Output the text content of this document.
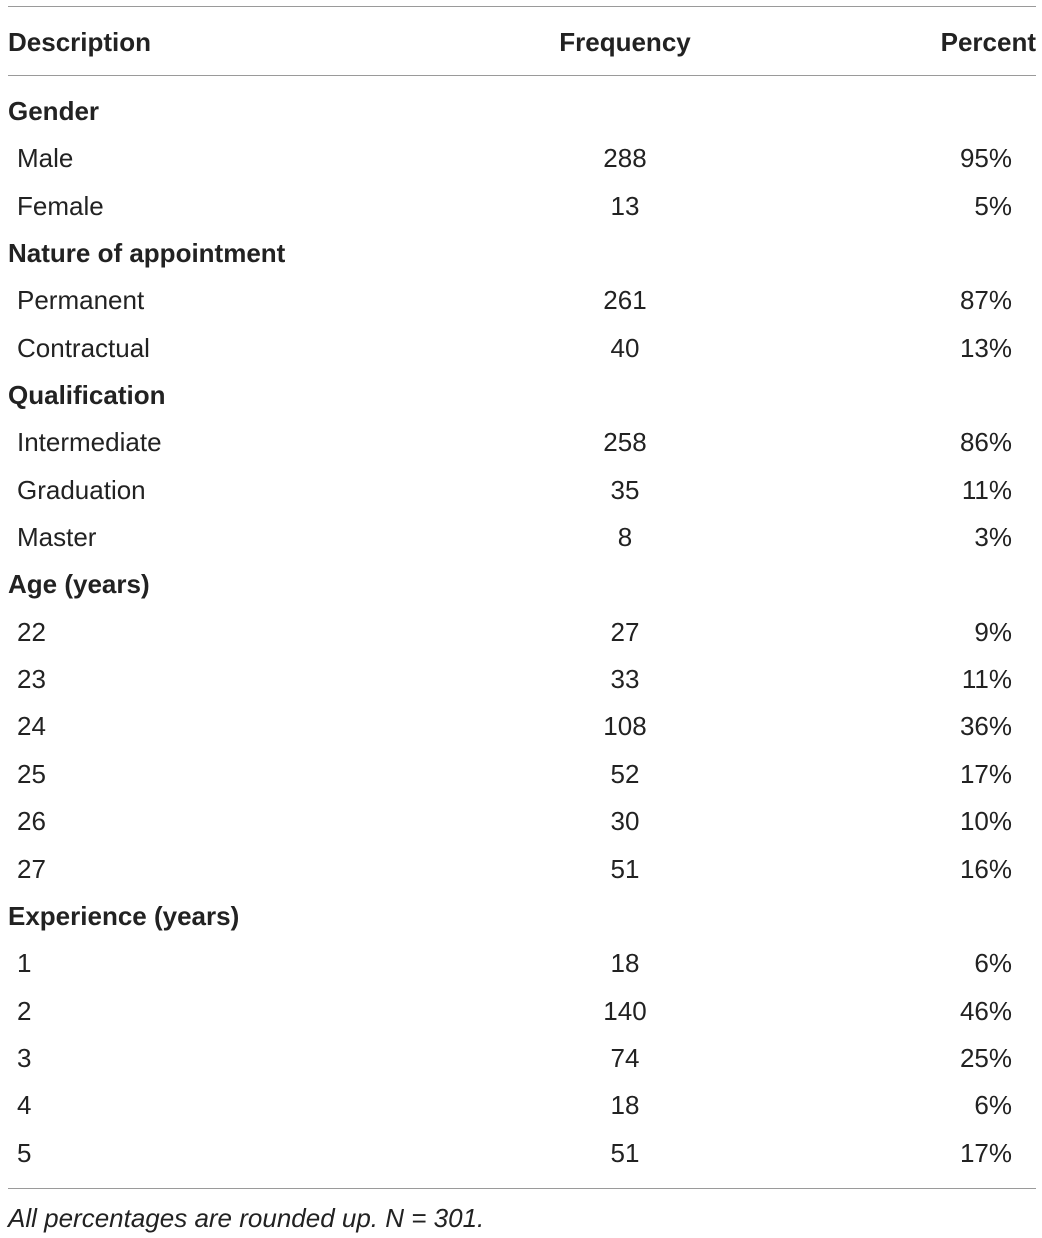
Description	Frequency	Percent
Gender
Male	288	95%
Female	13	5%
Nature of appointment
Permanent	261	87%
Contractual	40	13%
Qualification
Intermediate	258	86%
Graduation	35	11%
Master	8	3%
Age (years)
22	27	9%
23	33	11%
24	108	36%
25	52	17%
26	30	10%
27	51	16%
Experience (years)
1	18	6%
2	140	46%
3	74	25%
4	18	6%
5	51	17%
All percentages are rounded up. N = 301.
